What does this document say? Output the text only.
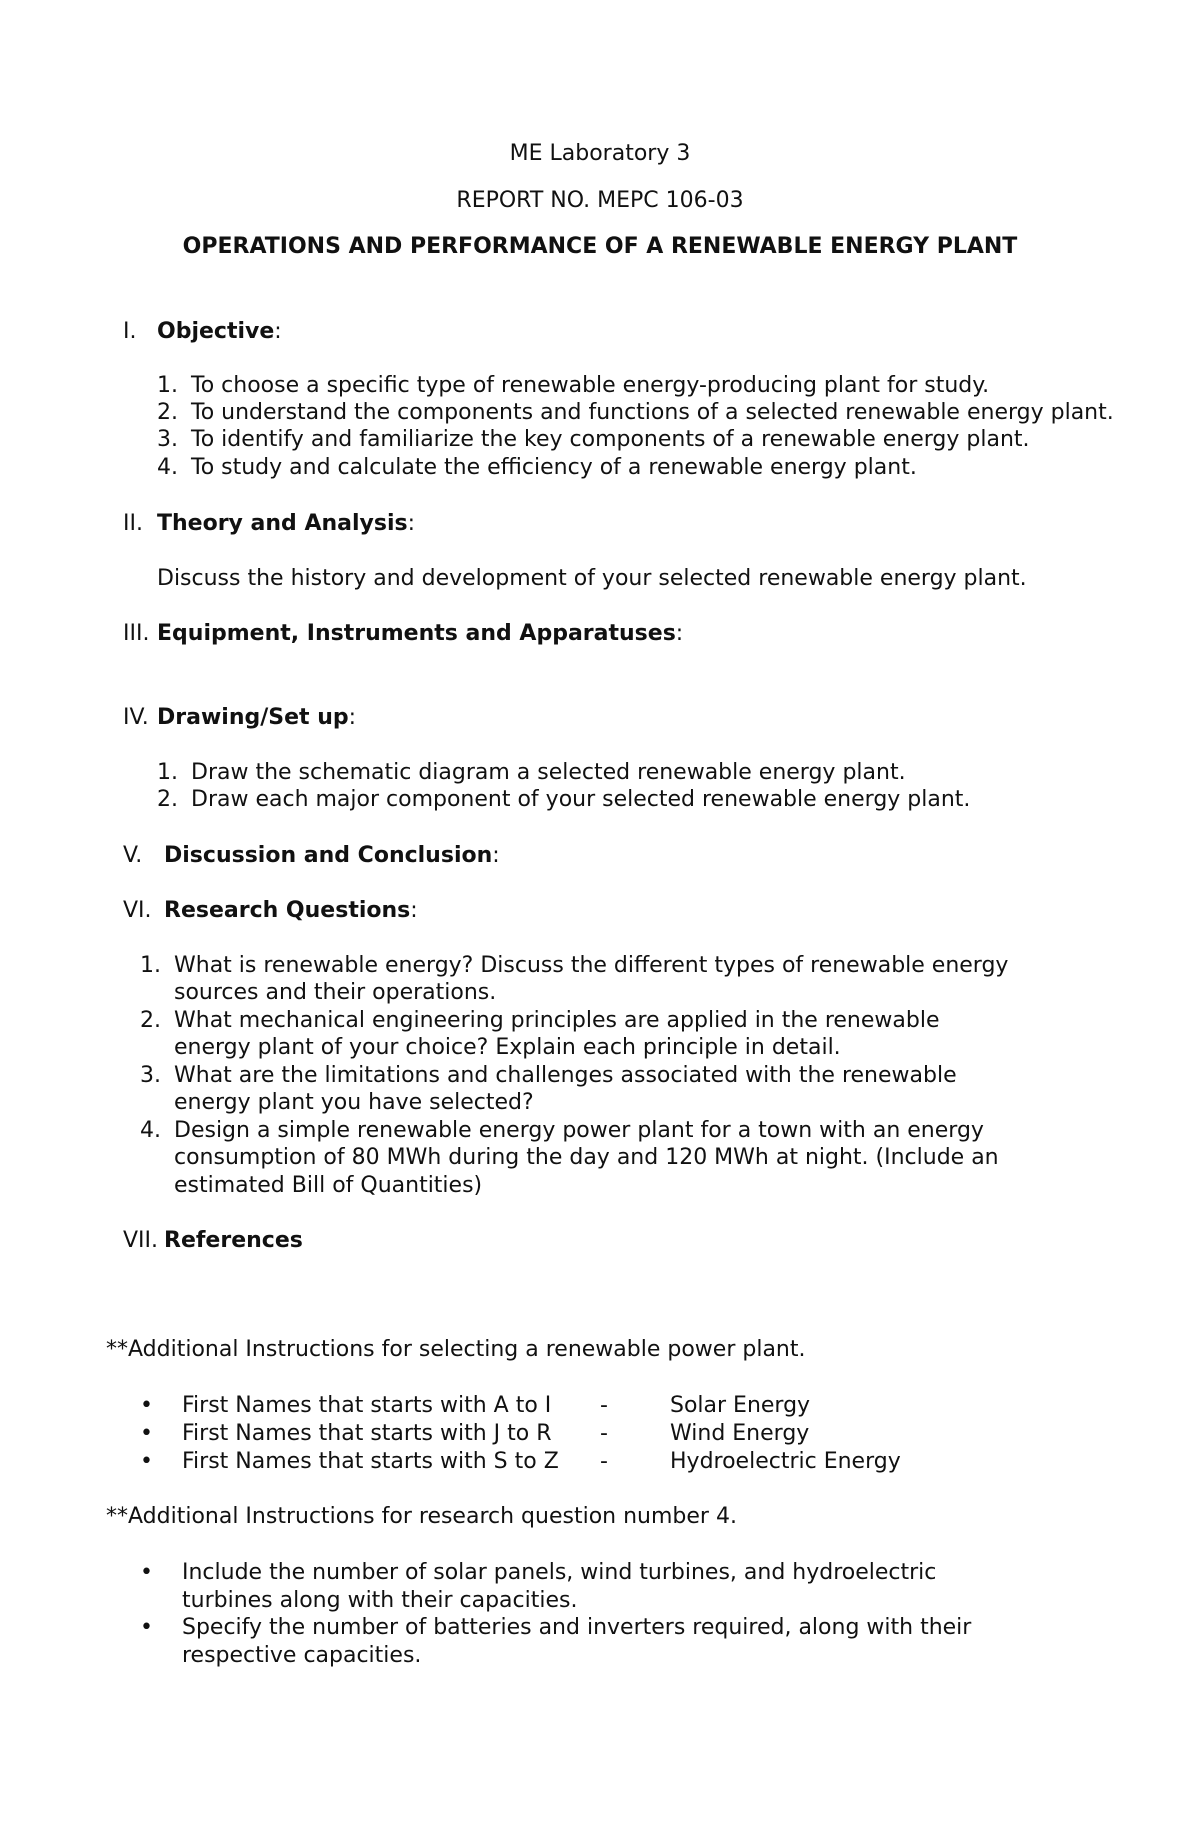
ME Laboratory 3
REPORT NO. MEPC 106-03
OPERATIONS AND PERFORMANCE OF A RENEWABLE ENERGY PLANT
I. Objective:
1. To choose a specific type of renewable energy-producing plant for study.
2. To understand the components and functions of a selected renewable energy plant.
3. To identify and familiarize the key components of a renewable energy plant.
4. To study and calculate the efficiency of a renewable energy plant.
II. Theory and Analysis:
Discuss the history and development of your selected renewable energy plant.
III. Equipment, Instruments and Apparatuses:
IV. Drawing/Set up:
1. Draw the schematic diagram a selected renewable energy plant.
2. Draw each major component of your selected renewable energy plant.
V. Discussion and Conclusion:
VI. Research Questions:
1. What is renewable energy? Discuss the different types of renewable energy
sources and their operations.
2. What mechanical engineering principles are applied in the renewable
energy plant of your choice? Explain each principle in detail.
3. What are the limitations and challenges associated with the renewable
energy plant you have selected?
4. Design a simple renewable energy power plant for a town with an energy
consumption of 80 MWh during the day and 120 MWh at night. (Include an
estimated Bill of Quantities)
VII. References
**Additional Instructions for selecting a renewable power plant.
• First Names that starts with A to I -	Solar Energy
• First Names that starts with J to R -	Wind Energy
• First Names that starts with S to Z -	Hydroelectric Energy
**Additional Instructions for research question number 4.
• Include the number of solar panels, wind turbines, and hydroelectric
turbines along with their capacities.
• Specify the number of batteries and inverters required, along with their
respective capacities.
